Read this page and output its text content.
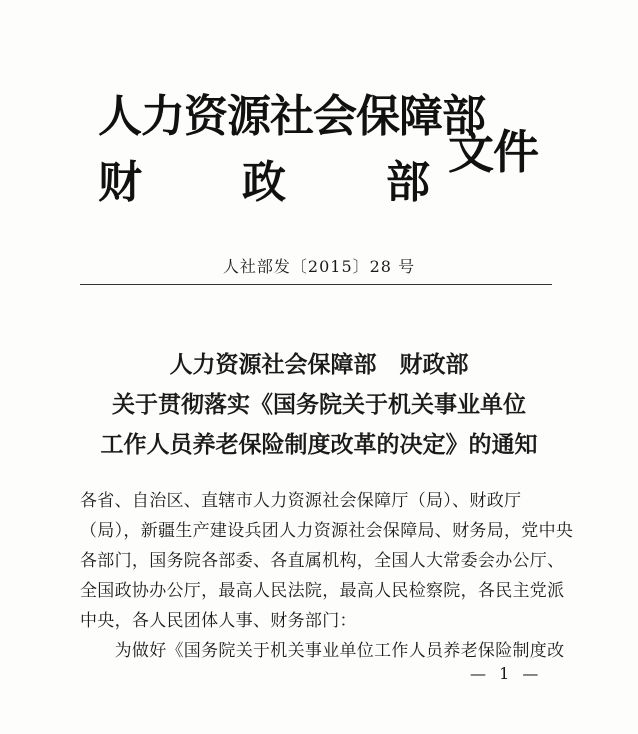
人力资源社会保障部
财 政 部
文件
人社部发〔2015〕28 号
人力资源社会保障部　财政部
关于贯彻落实《国务院关于机关事业单位
工作人员养老保险制度改革的决定》的通知
各省、自治区、直辖市人力资源社会保障厅（局）、财政厅
（局），新疆生产建设兵团人力资源社会保障局、财务局，党中央
各部门，国务院各部委、各直属机构，全国人大常委会办公厅、
全国政协办公厅，最高人民法院，最高人民检察院，各民主党派
中央，各人民团体人事、财务部门：
　　为做好《国务院关于机关事业单位工作人员养老保险制度改
— 1 —
